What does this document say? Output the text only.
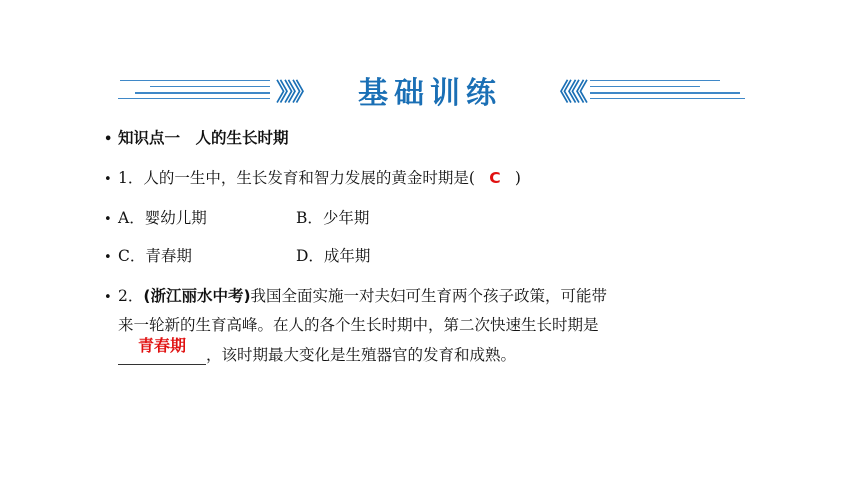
》》》	基础训练	《《《
• 知识点一　人的生长时期
• 1．人的一生中，生长发育和智力发展的黄金时期是( C )
• A．婴幼儿期	B．少年期
• C．青春期	D．成年期
• 2．(浙江丽水中考)我国全面实施一对夫妇可生育两个孩子政策，可能带
来一轮新的生育高峰。在人的各个生长时期中，第二次快速生长时期是
青春期	，该时期最大变化是生殖器官的发育和成熟。
